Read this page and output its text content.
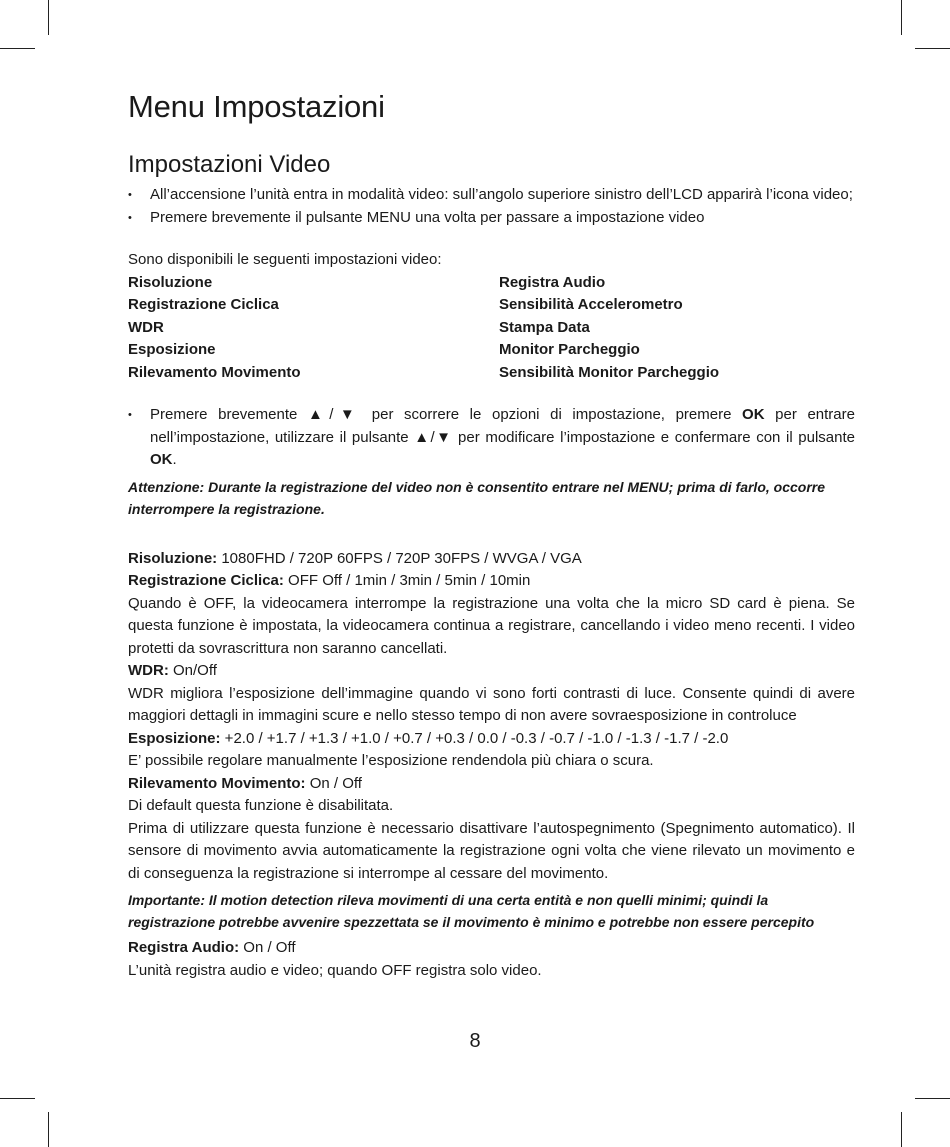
Menu Impostazioni
Impostazioni Video
• All’accensione l’unità entra in modalità video: sull’angolo superiore sinistro dell’LCD apparirà l’icona video;
• Premere brevemente il pulsante MENU una volta per passare a impostazione video
Sono disponibili le seguenti impostazioni video:
Risoluzione	Registra Audio
Registrazione Ciclica	Sensibilità Accelerometro
WDR	Stampa Data
Esposizione	Monitor Parcheggio
Rilevamento Movimento	Sensibilità Monitor Parcheggio
• Premere brevemente ▲/▼ per scorrere le opzioni di impostazione, premere OK per entrare nell’impostazione, utilizzare il pulsante ▲/▼ per modificare l’impostazione e confermare con il pulsante OK.
Attenzione: Durante la registrazione del video non è consentito entrare nel MENU; prima di farlo, occorre interrompere la registrazione.

Risoluzione: 1080FHD / 720P 60FPS / 720P 30FPS / WVGA / VGA

Registrazione Ciclica: OFF Off / 1min / 3min / 5min / 10min

Quando è OFF, la videocamera interrompe la registrazione una volta che la micro SD card è piena. Se questa funzione è impostata, la videocamera continua a registrare, cancellando i video meno recenti. I video protetti da sovrascrittura non saranno cancellati.

WDR: On/Off

WDR migliora l’esposizione dell’immagine quando vi sono forti contrasti di luce. Consente quindi di avere maggiori dettagli in immagini scure e nello stesso tempo di non avere sovraesposizione in controluce

Esposizione: +2.0 / +1.7 / +1.3 / +1.0 / +0.7 / +0.3 / 0.0 / -0.3 / -0.7 / -1.0 / -1.3 / -1.7 / -2.0

E’ possibile regolare manualmente l’esposizione rendendola più chiara o scura.

Rilevamento Movimento: On / Off

Di default questa funzione è disabilitata.

Prima di utilizzare questa funzione è necessario disattivare l’autospegnimento (Spegnimento automatico). Il sensore di movimento avvia automaticamente la registrazione ogni volta che viene rilevato un movimento e di conseguenza la registrazione si interrompe al cessare del movimento.

Importante: Il motion detection rileva movimenti di una certa entità e non quelli minimi; quindi la registrazione potrebbe avvenire spezzettata se il movimento è minimo e potrebbe non essere percepito

Registra Audio: On / Off

L’unità registra audio e video; quando OFF registra solo video.

8
